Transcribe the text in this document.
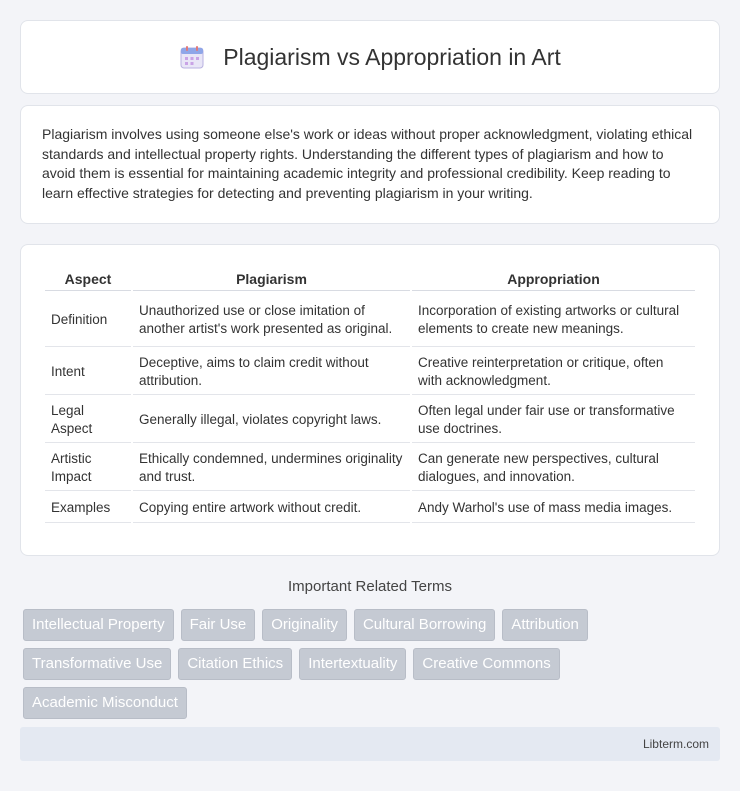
Plagiarism vs Appropriation in Art

Plagiarism involves using someone else's work or ideas without proper acknowledgment, violating ethical standards and intellectual property rights. Understanding the different types of plagiarism and how to avoid them is essential for maintaining academic integrity and professional credibility. Keep reading to learn effective strategies for detecting and preventing plagiarism in your writing.

Aspect	Plagiarism	Appropriation
Definition	Unauthorized use or close imitation of another artist's work presented as original.	Incorporation of existing artworks or cultural elements to create new meanings.
Intent	Deceptive, aims to claim credit without attribution.	Creative reinterpretation or critique, often with acknowledgment.
Legal Aspect	Generally illegal, violates copyright laws.	Often legal under fair use or transformative use doctrines.
Artistic Impact	Ethically condemned, undermines originality and trust.	Can generate new perspectives, cultural dialogues, and innovation.
Examples	Copying entire artwork without credit.	Andy Warhol's use of mass media images.
Important Related Terms
Intellectual Property	Fair Use	Originality	Cultural Borrowing	Attribution
Transformative Use	Citation Ethics	Intertextuality	Creative Commons
Academic Misconduct
Libterm.com
